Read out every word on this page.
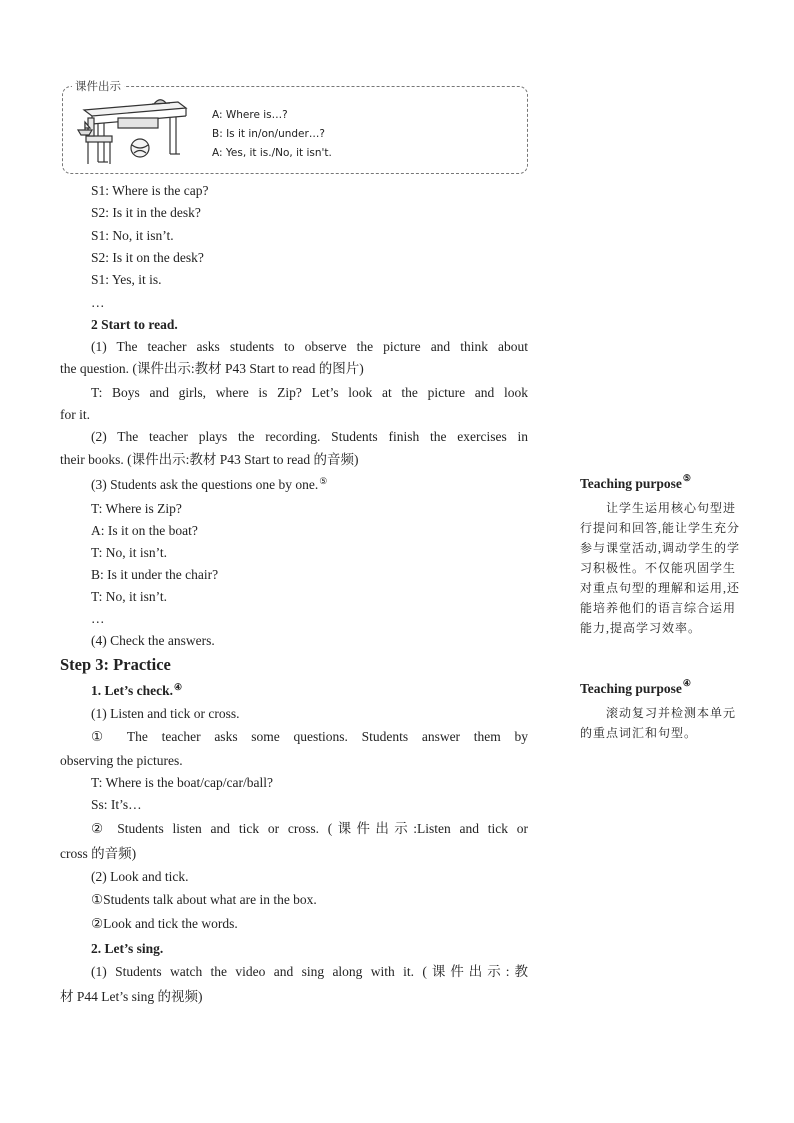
课件出示
A: Where is…?
B: Is it in/on/under…?
A: Yes, it is./No, it isn't.
S1: Where is the cap?
S2: Is it in the desk?
S1: No, it isn’t.
S2: Is it on the desk?
S1: Yes, it is.
…
2 Start to read.
(1) The teacher asks students to observe the picture and think about
the question. (课件出示:教材 P43 Start to read 的图片)
T: Boys and girls, where is Zip? Let’s look at the picture and look
for it.
(2) The teacher plays the recording. Students finish the exercises in
their books. (课件出示:教材 P43 Start to read 的音频)
(3) Students ask the questions one by one.⑤
T: Where is Zip?
A: Is it on the boat?
T: No, it isn’t.
B: Is it under the chair?
T: No, it isn’t.
…
(4) Check the answers.
Step 3: Practice
1. Let’s check.④
(1) Listen and tick or cross.
① The teacher asks some questions. Students answer them by
observing the pictures.
T: Where is the boat/cap/car/ball?
Ss: It’s…
② Students listen and tick or cross. (课件出示:Listen and tick or
cross 的音频)
(2) Look and tick.
①Students talk about what are in the box.
②Look and tick the words.
2. Let’s sing.
(1) Students watch the video and sing along with it. (课件出示:教
材 P44 Let’s sing 的视频)
Teaching purpose⑤
让学生运用核心句型进行提问和回答,能让学生充分参与课堂活动,调动学生的学习积极性。不仅能巩固学生对重点句型的理解和运用,还能培养他们的语言综合运用能力,提高学习效率。
Teaching purpose④
滚动复习并检测本单元的重点词汇和句型。
